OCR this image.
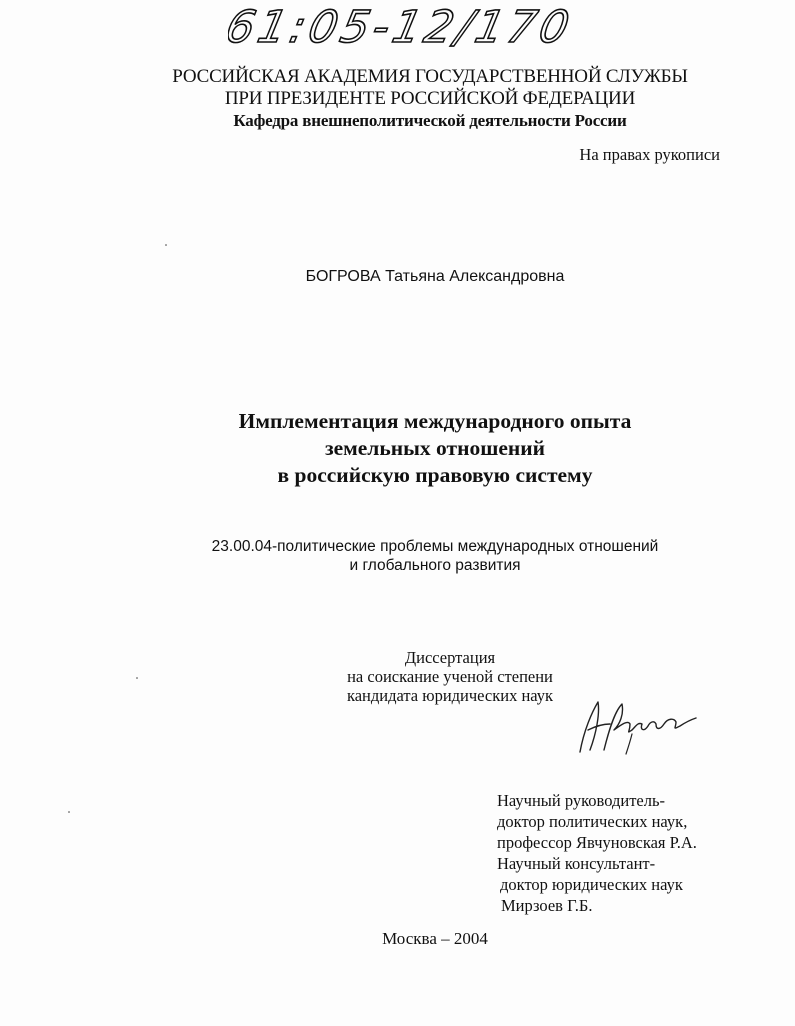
61:05-12/170
РОССИЙСКАЯ АКАДЕМИЯ ГОСУДАРСТВЕННОЙ СЛУЖБЫ
ПРИ ПРЕЗИДЕНТЕ РОССИЙСКОЙ ФЕДЕРАЦИИ
Кафедра внешнеполитической деятельности России
На правах рукописи
БОГРОВА Татьяна Александровна
Имплементация международного опыта
земельных отношений
в российскую правовую систему
23.00.04-политические проблемы международных отношений
и глобального развития
Диссертация
на соискание ученой степени
кандидата юридических наук
Научный руководитель-
доктор политических наук,
профессор Явчуновская Р.А.
Научный консультант-
доктор юридических наук
Мирзоев Г.Б.
Москва – 2004
